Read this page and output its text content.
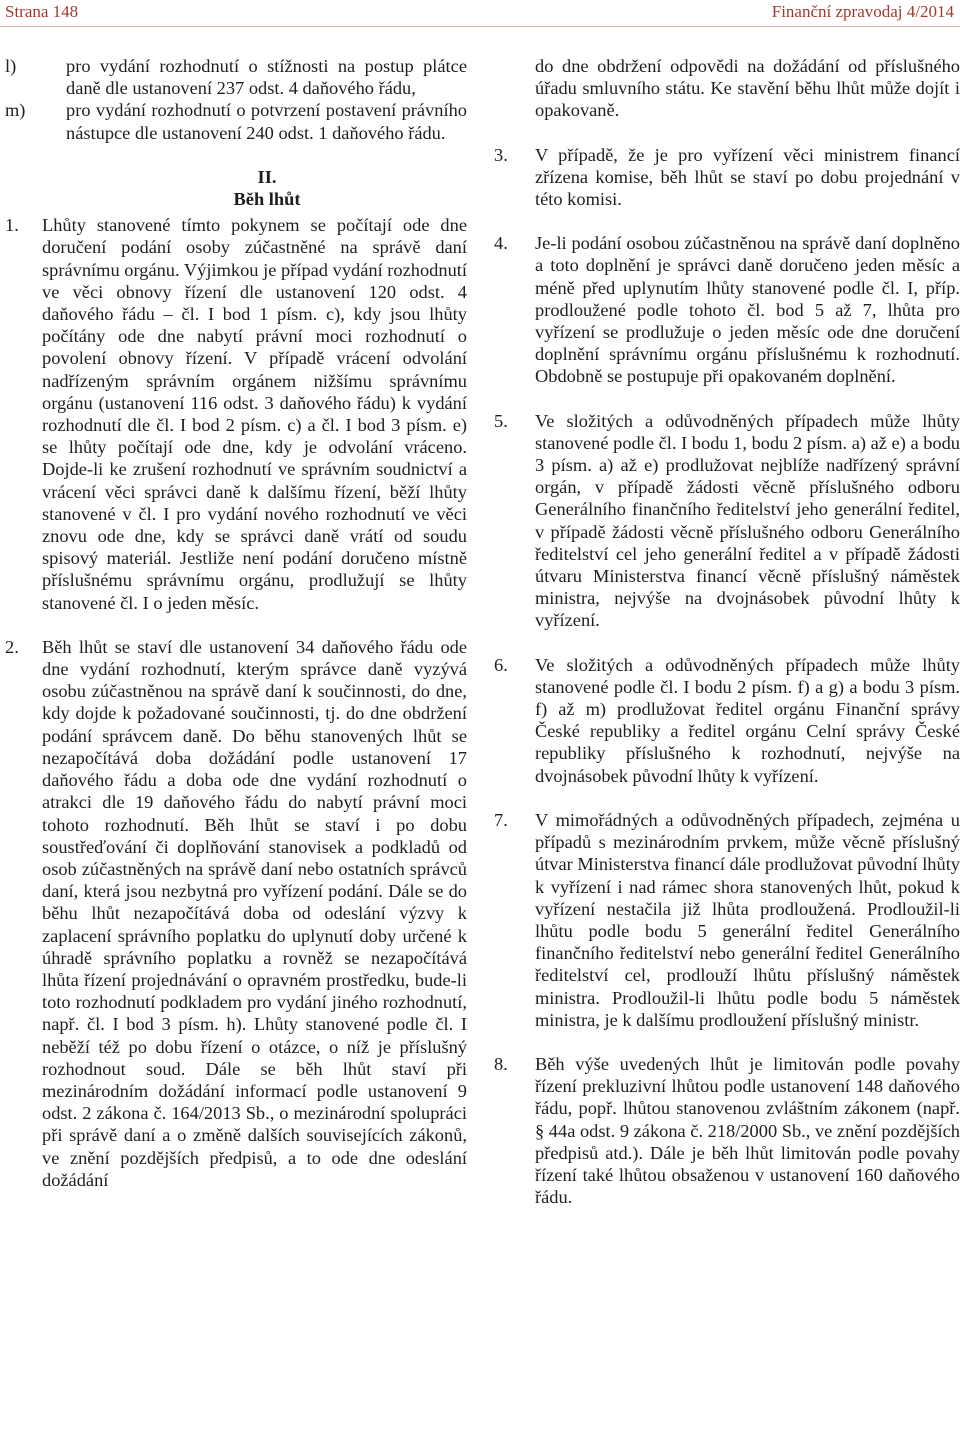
Strana 148	Finanční zpravodaj 4/2014
l)	pro vydání rozhodnutí o stížnosti na postup plátce daně dle ustanovení 237 odst. 4 daňového řádu,
m) pro vydání rozhodnutí o potvrzení postavení právního nástupce dle ustanovení 240 odst. 1 daňového řádu.
II.
Běh lhůt
1. Lhůty stanovené tímto pokynem se počítají ode dne doručení podání osoby zúčastněné na správě daní správnímu orgánu. Výjimkou je případ vydání rozhodnutí ve věci obnovy řízení dle ustanovení 120 odst. 4 daňového řádu – čl. I bod 1 písm. c), kdy jsou lhůty počítány ode dne nabytí právní moci rozhodnutí o povolení obnovy řízení. V případě vrácení odvolání nadřízeným správním orgánem nižšímu správnímu orgánu (ustanovení 116 odst. 3 daňového řádu) k vydání rozhodnutí dle čl. I bod 2 písm. c) a čl. I bod 3 písm. e) se lhůty počítají ode dne, kdy je odvolání vráceno. Dojde-li ke zrušení rozhodnutí ve správním soudnictví a vrácení věci správci daně k dalšímu řízení, běží lhůty stanovené v čl. I pro vydání nového rozhodnutí ve věci znovu ode dne, kdy se správci daně vrátí od soudu spisový materiál. Jestliže není podání doručeno místně příslušnému správnímu orgánu, prodlužují se lhůty stanovené čl. I o jeden měsíc.
2. Běh lhůt se staví dle ustanovení 34 daňového řádu ode dne vydání rozhodnutí, kterým správce daně vyzývá osobu zúčastněnou na správě daní k součinnosti, do dne, kdy dojde k požadované součinnosti, tj. do dne obdržení podání správcem daně. Do běhu stanovených lhůt se nezapočítává doba dožádání podle ustanovení 17 daňového řádu a doba ode dne vydání rozhodnutí o atrakci dle 19 daňového řádu do nabytí právní moci tohoto rozhodnutí. Běh lhůt se staví i po dobu soustřeďování či doplňování stanovisek a podkladů od osob zúčastněných na správě daní nebo ostatních správců daní, která jsou nezbytná pro vyřízení podání. Dále se do běhu lhůt nezapočítává doba od odeslání výzvy k zaplacení správního poplatku do uplynutí doby určené k úhradě správního poplatku a rovněž se nezapočítává lhůta řízení projednávání o opravném prostředku, bude-li toto rozhodnutí podkladem pro vydání jiného rozhodnutí, např. čl. I bod 3 písm. h). Lhůty stanovené podle čl. I neběží též po dobu řízení o otázce, o níž je příslušný rozhodnout soud. Dále se běh lhůt staví při mezinárodním dožádání informací podle ustanovení 9 odst. 2 zákona č. 164/2013 Sb., o mezinárodní spolupráci při správě daní a o změně dalších souvisejících zákonů, ve znění pozdějších předpisů, a to ode dne odeslání dožádání
do dne obdržení odpovědi na dožádání od příslušného úřadu smluvního státu. Ke stavění běhu lhůt může dojít i opakovaně.
3. V případě, že je pro vyřízení věci ministrem financí zřízena komise, běh lhůt se staví po dobu projednání v této komisi.
4. Je-li podání osobou zúčastněnou na správě daní doplněno a toto doplnění je správci daně doručeno jeden měsíc a méně před uplynutím lhůty stanovené podle čl. I, příp. prodloužené podle tohoto čl. bod 5 až 7, lhůta pro vyřízení se prodlužuje o jeden měsíc ode dne doručení doplnění správnímu orgánu příslušnému k rozhodnutí. Obdobně se postupuje při opakovaném doplnění.
5. Ve složitých a odůvodněných případech může lhůty stanovené podle čl. I bodu 1, bodu 2 písm. a) až e) a bodu 3 písm. a) až e) prodlužovat nejblíže nadřízený správní orgán, v případě žádosti věcně příslušného odboru Generálního finančního ředitelství jeho generální ředitel, v případě žádosti věcně příslušného odboru Generálního ředitelství cel jeho generální ředitel a v případě žádosti útvaru Ministerstva financí věcně příslušný náměstek ministra, nejvýše na dvojnásobek původní lhůty k vyřízení.
6. Ve složitých a odůvodněných případech může lhůty stanovené podle čl. I bodu 2 písm. f) a g) a bodu 3 písm. f) až m) prodlužovat ředitel orgánu Finanční správy České republiky a ředitel orgánu Celní správy České republiky příslušného k rozhodnutí, nejvýše na dvojnásobek původní lhůty k vyřízení.
7. V mimořádných a odůvodněných případech, zejména u případů s mezinárodním prvkem, může věcně příslušný útvar Ministerstva financí dále prodlužovat původní lhůty k vyřízení i nad rámec shora stanovených lhůt, pokud k vyřízení nestačila již lhůta prodloužená. Prodloužil-li lhůtu podle bodu 5 generální ředitel Generálního finančního ředitelství nebo generální ředitel Generálního ředitelství cel, prodlouží lhůtu příslušný náměstek ministra. Prodloužil-li lhůtu podle bodu 5 náměstek ministra, je k dalšímu prodloužení příslušný ministr.
8. Běh výše uvedených lhůt je limitován podle povahy řízení prekluzivní lhůtou podle ustanovení 148 daňového řádu, popř. lhůtou stanovenou zvláštním zákonem (např. § 44a odst. 9 zákona č. 218/2000 Sb., ve znění pozdějších předpisů atd.). Dále je běh lhůt limitován podle povahy řízení také lhůtou obsaženou v ustanovení 160 daňového řádu.
